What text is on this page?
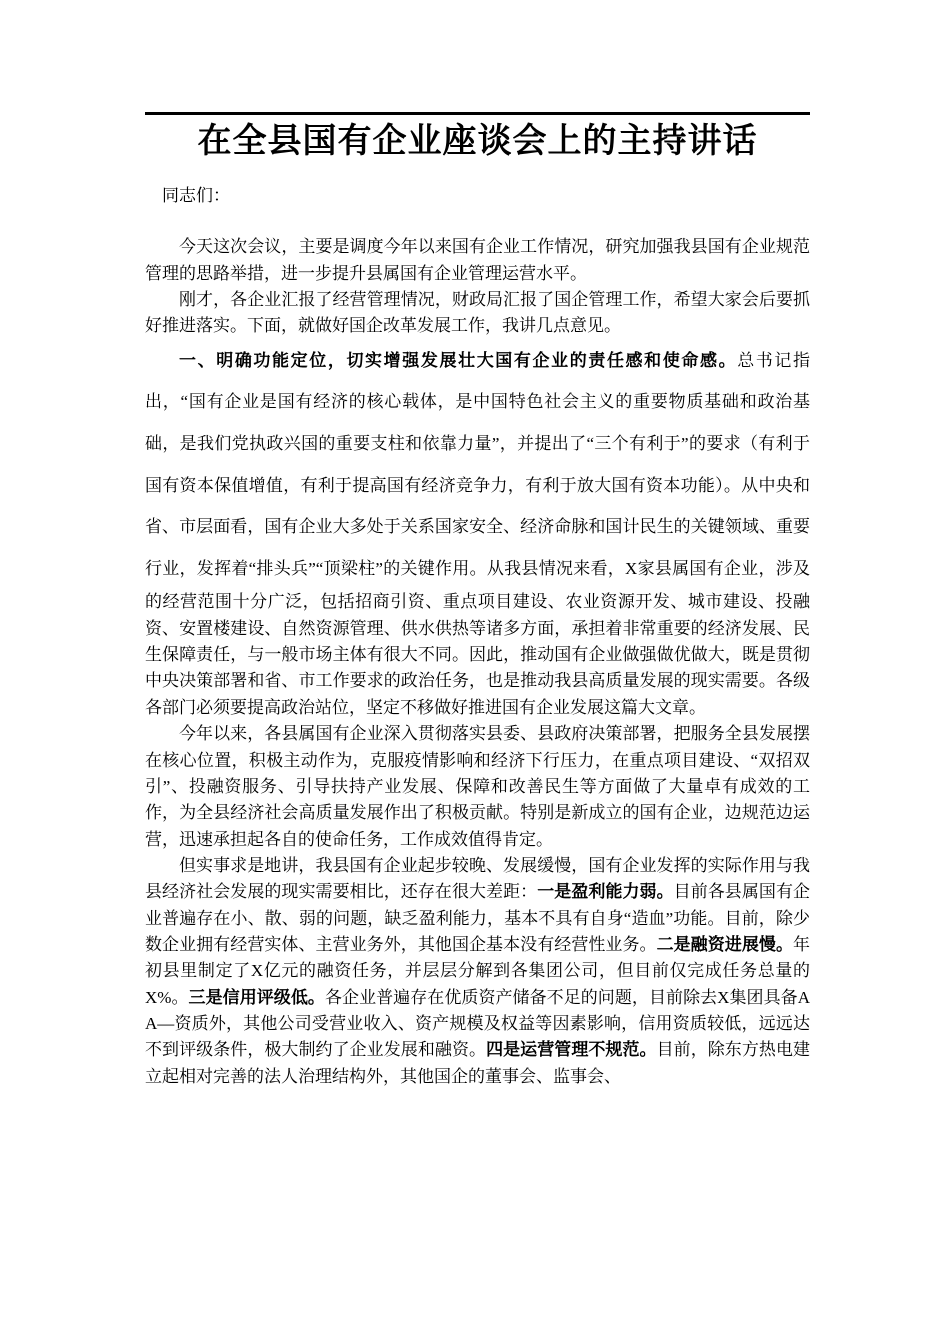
在全县国有企业座谈会上的主持讲话

同志们：

今天这次会议，主要是调度今年以来国有企业工作情况，研究加强我县国有企业规范管理的思路举措，进一步提升县属国有企业管理运营水平。

刚才，各企业汇报了经营管理情况，财政局汇报了国企管理工作，希望大家会后要抓好推进落实。下面，就做好国企改革发展工作，我讲几点意见。

一、明确功能定位，切实增强发展壮大国有企业的责任感和使命感。总书记指出，“国有企业是国有经济的核心载体，是中国特色社会主义的重要物质基础和政治基础，是我们党执政兴国的重要支柱和依靠力量”，并提出了“三个有利于”的要求（有利于国有资本保值增值，有利于提高国有经济竞争力，有利于放大国有资本功能）。从中央和省、市层面看，国有企业大多处于关系国家安全、经济命脉和国计民生的关键领域、重要行业，发挥着“排头兵”“顶梁柱”的关键作用。从我县情况来看，X家县属国有企业，涉及的经营范围十分广泛，包括招商引资、重点项目建设、农业资源开发、城市建设、投融资、安置楼建设、自然资源管理、供水供热等诸多方面，承担着非常重要的经济发展、民生保障责任，与一般市场主体有很大不同。因此，推动国有企业做强做优做大，既是贯彻中央决策部署和省、市工作要求的政治任务，也是推动我县高质量发展的现实需要。各级各部门必须要提高政治站位，坚定不移做好推进国有企业发展这篇大文章。

今年以来，各县属国有企业深入贯彻落实县委、县政府决策部署，把服务全县发展摆在核心位置，积极主动作为，克服疫情影响和经济下行压力，在重点项目建设、“双招双引”、投融资服务、引导扶持产业发展、保障和改善民生等方面做了大量卓有成效的工作，为全县经济社会高质量发展作出了积极贡献。特别是新成立的国有企业，边规范边运营，迅速承担起各自的使命任务，工作成效值得肯定。

但实事求是地讲，我县国有企业起步较晚、发展缓慢，国有企业发挥的实际作用与我县经济社会发展的现实需要相比，还存在很大差距：一是盈利能力弱。目前各县属国有企业普遍存在小、散、弱的问题，缺乏盈利能力，基本不具有自身“造血”功能。目前，除少数企业拥有经营实体、主营业务外，其他国企基本没有经营性业务。二是融资进展慢。年初县里制定了X亿元的融资任务，并层层分解到各集团公司，但目前仅完成任务总量的X%。三是信用评级低。各企业普遍存在优质资产储备不足的问题，目前除去X集团具备AA—资质外，其他公司受营业收入、资产规模及权益等因素影响，信用资质较低，远远达不到评级条件，极大制约了企业发展和融资。四是运营管理不规范。目前，除东方热电建立起相对完善的法人治理结构外，其他国企的董事会、监事会、
